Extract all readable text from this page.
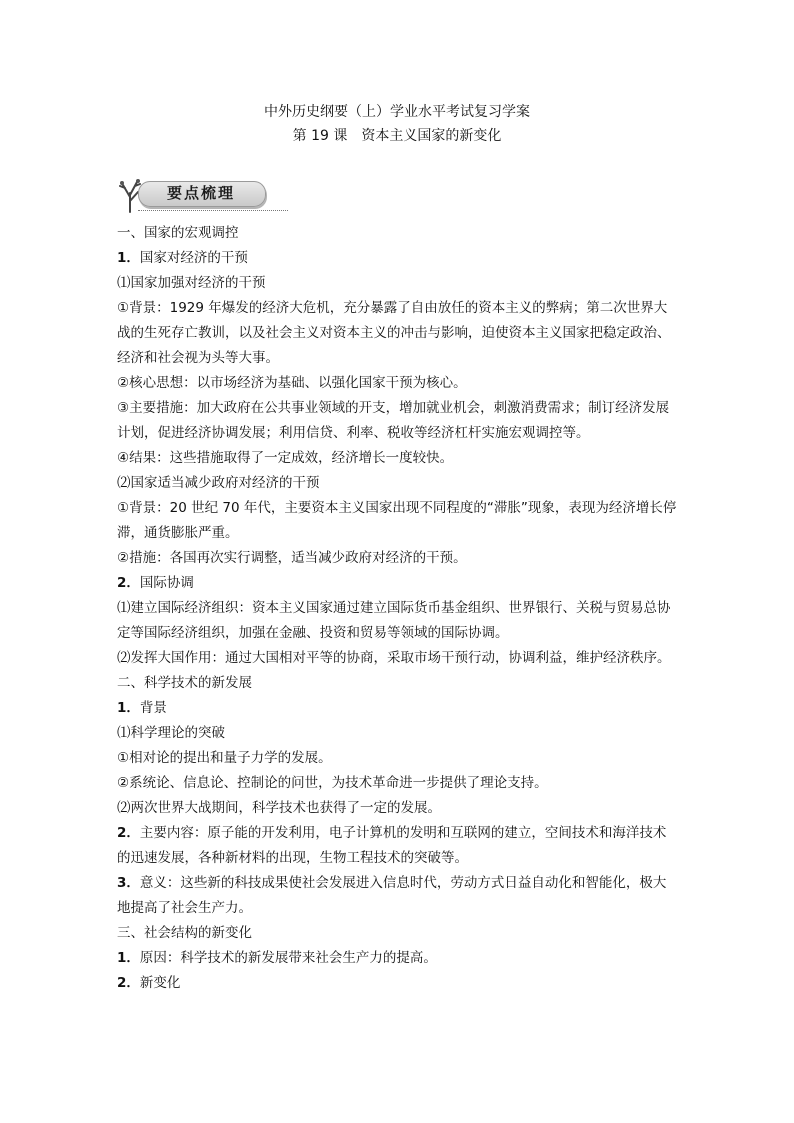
中外历史纲要（上）学业水平考试复习学案
第 19 课　资本主义国家的新变化
要点梳理

一、国家的宏观调控

1．国家对经济的干预

⑴国家加强对经济的干预

①背景：1929 年爆发的经济大危机，充分暴露了自由放任的资本主义的弊病；第二次世界大战的生死存亡教训，以及社会主义对资本主义的冲击与影响，迫使资本主义国家把稳定政治、经济和社会视为头等大事。

②核心思想：以市场经济为基础、以强化国家干预为核心。

③主要措施：加大政府在公共事业领域的开支，增加就业机会，刺激消费需求；制订经济发展计划，促进经济协调发展；利用信贷、利率、税收等经济杠杆实施宏观调控等。

④结果：这些措施取得了一定成效，经济增长一度较快。

⑵国家适当减少政府对经济的干预

①背景：20 世纪 70 年代，主要资本主义国家出现不同程度的“滞胀”现象，表现为经济增长停滞，通货膨胀严重。

②措施：各国再次实行调整，适当减少政府对经济的干预。

2．国际协调

⑴建立国际经济组织：资本主义国家通过建立国际货币基金组织、世界银行、关税与贸易总协定等国际经济组织，加强在金融、投资和贸易等领域的国际协调。

⑵发挥大国作用：通过大国相对平等的协商，采取市场干预行动，协调利益，维护经济秩序。

二、科学技术的新发展

1．背景

⑴科学理论的突破

①相对论的提出和量子力学的发展。

②系统论、信息论、控制论的问世，为技术革命进一步提供了理论支持。

⑵两次世界大战期间，科学技术也获得了一定的发展。

2．主要内容：原子能的开发利用，电子计算机的发明和互联网的建立，空间技术和海洋技术的迅速发展，各种新材料的出现，生物工程技术的突破等。

3．意义：这些新的科技成果使社会发展进入信息时代，劳动方式日益自动化和智能化，极大地提高了社会生产力。

三、社会结构的新变化

1．原因：科学技术的新发展带来社会生产力的提高。

2．新变化
